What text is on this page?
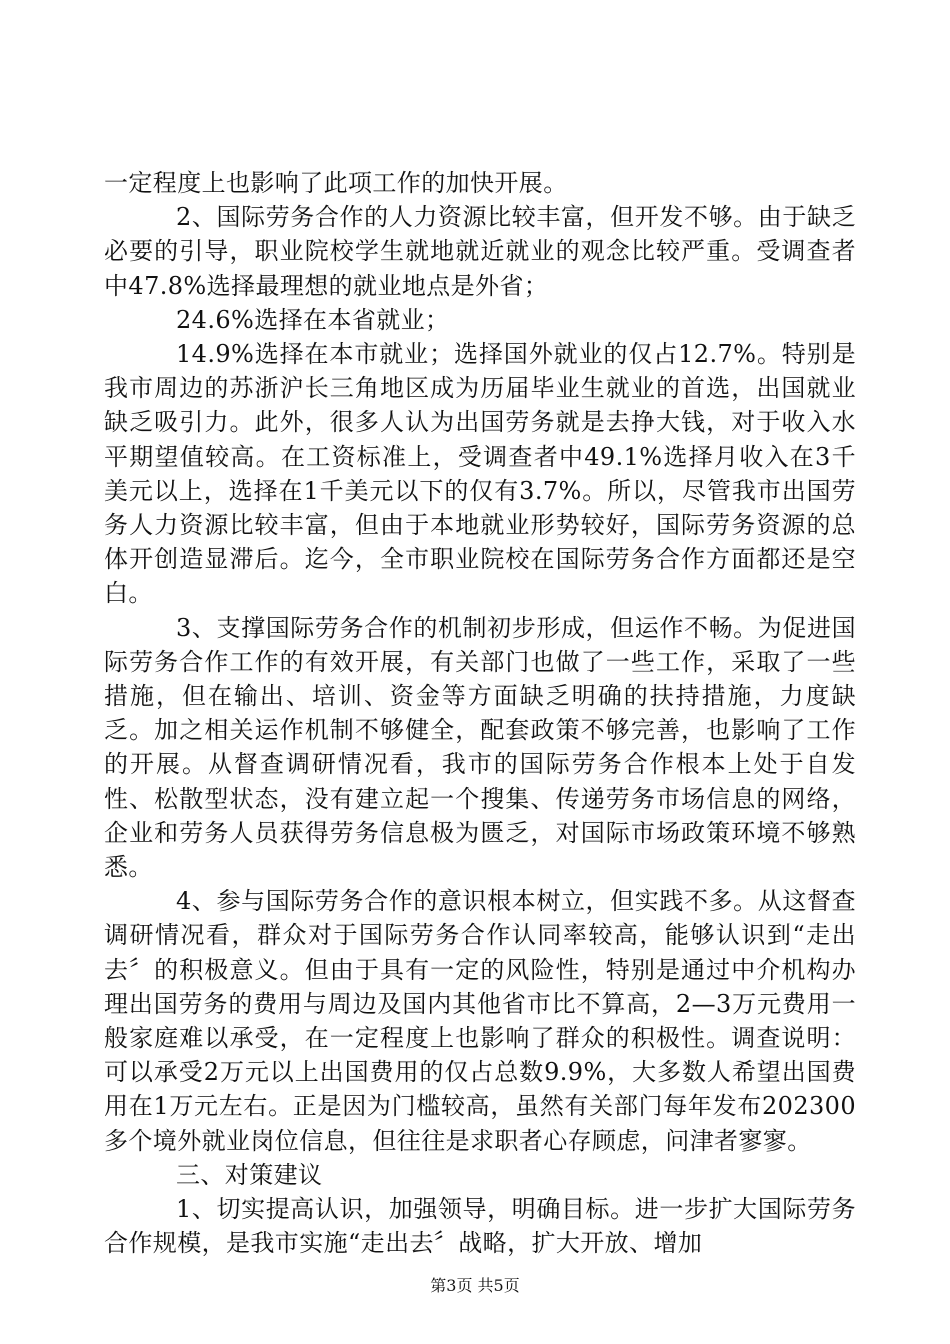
一定程度上也影响了此项工作的加快开展。

2、国际劳务合作的人力资源比较丰富，但开发不够。由于缺乏必要的引导，职业院校学生就地就近就业的观念比较严重。受调查者中47.8%选择最理想的就业地点是外省；

24.6%选择在本省就业；

14.9%选择在本市就业；选择国外就业的仅占12.7%。特别是我市周边的苏浙沪长三角地区成为历届毕业生就业的首选，出国就业缺乏吸引力。此外，很多人认为出国劳务就是去挣大钱，对于收入水平期望值较高。在工资标准上，受调查者中49.1%选择月收入在3千美元以上，选择在1千美元以下的仅有3.7%。所以，尽管我市出国劳务人力资源比较丰富，但由于本地就业形势较好，国际劳务资源的总体开创造显滞后。迄今，全市职业院校在国际劳务合作方面都还是空白。

3、支撑国际劳务合作的机制初步形成，但运作不畅。为促进国际劳务合作工作的有效开展，有关部门也做了一些工作，采取了一些措施，但在输出、培训、资金等方面缺乏明确的扶持措施，力度缺乏。加之相关运作机制不够健全，配套政策不够完善，也影响了工作的开展。从督查调研情况看，我市的国际劳务合作根本上处于自发性、松散型状态，没有建立起一个搜集、传递劳务市场信息的网络，企业和劳务人员获得劳务信息极为匮乏，对国际市场政策环境不够熟悉。

4、参与国际劳务合作的意识根本树立，但实践不多。从这督查调研情况看，群众对于国际劳务合作认同率较高，能够认识到“走出去〞的积极意义。但由于具有一定的风险性，特别是通过中介机构办理出国劳务的费用与周边及国内其他省市比不算高，2—3万元费用一般家庭难以承受，在一定程度上也影响了群众的积极性。调查说明：可以承受2万元以上出国费用的仅占总数9.9%，大多数人希望出国费用在1万元左右。正是因为门槛较高，虽然有关部门每年发布202300多个境外就业岗位信息，但往往是求职者心存顾虑，问津者寥寥。

三、对策建议

1、切实提高认识，加强领导，明确目标。进一步扩大国际劳务合作规模，是我市实施“走出去〞战略，扩大开放、增加

第3页 共5页
